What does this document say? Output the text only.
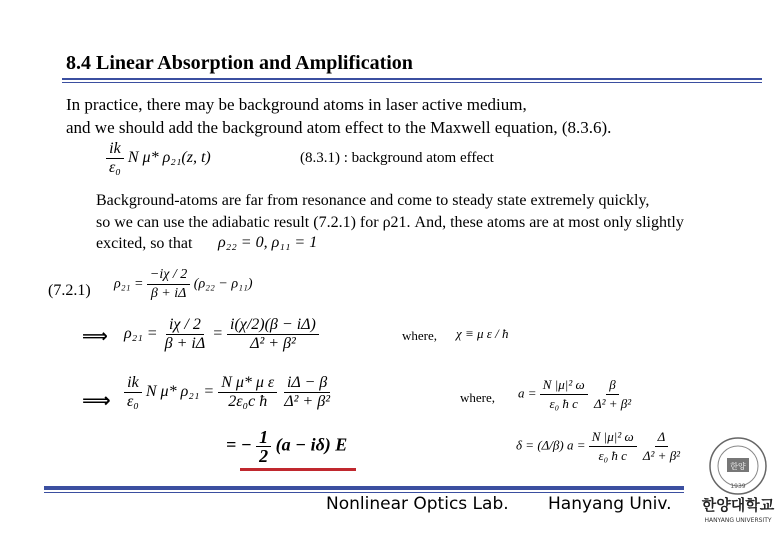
8.4 Linear Absorption and Amplification
In practice, there may be background atoms in laser active medium,
and we should add the background atom effect to the Maxwell equation, (8.3.6).
$\frac{ik}{\text{ε₀}}$ N μ* ρ₂₁(z, t)	(8.3.1) : background atom effect
Background-atoms are far from resonance and come to steady state extremely quickly,
so we can use the adiabatic result (7.2.1) for ρ21. And, these atoms are at most only slightly
excited, so that ρ₂₂ = 0, ρ₁₁ = 1
(7.2.1) $\rho_{21} = \frac{-i\chi / 2}{\beta + i\Delta} (\rho_{22} - \rho_{11})$
⟹ $\rho_{21} = \frac{i\chi / 2}{\beta + i\Delta} = \frac{i(\chi/2)(\beta - i\Delta)}{\text{Δ² + β²}}$	where, χ ≡ μ ε / ħ
⟹ $\frac{ik}{\text{ε₀}}$ N μ* $\rho_{21} = \frac{\text{N μ* μ ε}}{\text{2ε₀c ħ}}$
$\frac{i\Delta - \beta}{\text{Δ² + β²}}$	where, $a = \frac{\text{N |μ|² ω}}{\text{ε₀ ħ c}}$
$\frac{\beta}{\text{Δ² + β²}}$
δ = (Δ/β) $a = \frac{\text{N |μ|² ω}}{\text{ε₀ ħ c}}$
$\frac{\Delta}{\text{Δ² + β²}}$
= − $\frac{1}{2} (a - i\delta)$ E
Nonlinear Optics Lab. Hanyang Univ.
한양
1939
한양대학교
HANYANG UNIVERSITY
